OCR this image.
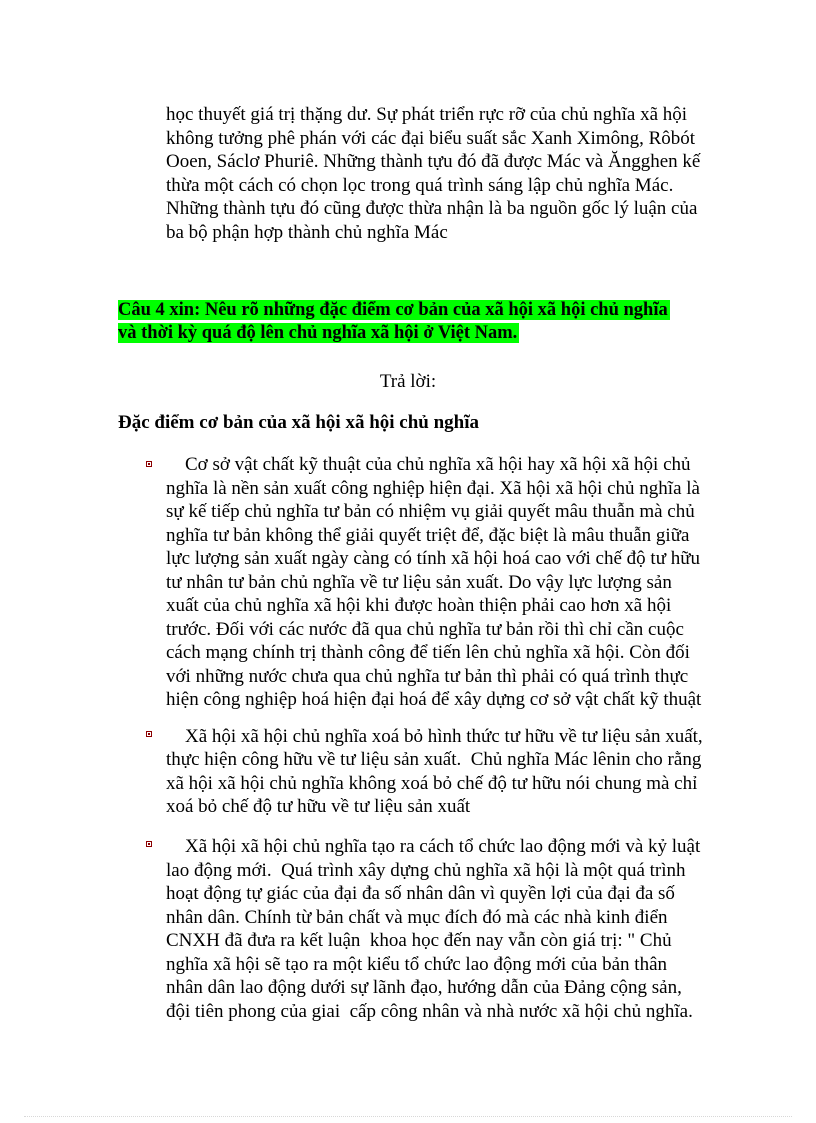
học thuyết giá trị thặng dư. Sự phát triển rực rỡ của chủ nghĩa xã hội
không tưởng phê phán với các đại biểu suất sắc Xanh Ximông, Rôbót
Ooen, Sáclơ Phuriê. Những thành tựu đó đã được Mác và Ăngghen kế
thừa một cách có chọn lọc trong quá trình sáng lập chủ nghĩa Mác.
Những thành tựu đó cũng được thừa nhận là ba nguồn gốc lý luận của
ba bộ phận hợp thành chủ nghĩa Mác
Câu 4 xin: Nêu rõ những đặc điểm cơ bản của xã hội xã hội chủ nghĩa
và thời kỳ quá độ lên chủ nghĩa xã hội ở Việt Nam.
Trả lời:
Đặc điểm cơ bản của xã hội xã hội chủ nghĩa
Cơ sở vật chất kỹ thuật của chủ nghĩa xã hội hay xã hội xã hội chủ
nghĩa là nền sản xuất công nghiệp hiện đại. Xã hội xã hội chủ nghĩa là
sự kế tiếp chủ nghĩa tư bản có nhiệm vụ giải quyết mâu thuẫn mà chủ
nghĩa tư bản không thể giải quyết triệt để, đặc biệt là mâu thuẫn giữa
lực lượng sản xuất ngày càng có tính xã hội hoá cao với chế độ tư hữu
tư nhân tư bản chủ nghĩa về tư liệu sản xuất. Do vậy lực lượng sản
xuất của chủ nghĩa xã hội khi được hoàn thiện phải cao hơn xã hội
trước. Đối với các nước đã qua chủ nghĩa tư bản rồi thì chỉ cần cuộc
cách mạng chính trị thành công để tiến lên chủ nghĩa xã hội. Còn đối
với những nước chưa qua chủ nghĩa tư bản thì phải có quá trình thực
hiện công nghiệp hoá hiện đại hoá để xây dựng cơ sở vật chất kỹ thuật
Xã hội xã hội chủ nghĩa xoá bỏ hình thức tư hữu về tư liệu sản xuất,
thực hiện công hữu về tư liệu sản xuất.  Chủ nghĩa Mác lênin cho rằng
xã hội xã hội chủ nghĩa không xoá bỏ chế độ tư hữu nói chung mà chỉ
xoá bỏ chế độ tư hữu về tư liệu sản xuất
Xã hội xã hội chủ nghĩa tạo ra cách tổ chức lao động mới và kỷ luật
lao động mới.  Quá trình xây dựng chủ nghĩa xã hội là một quá trình
hoạt động tự giác của đại đa số nhân dân vì quyền lợi của đại đa số
nhân dân. Chính từ bản chất và mục đích đó mà các nhà kinh điển
CNXH đã đưa ra kết luận  khoa học đến nay vẫn còn giá trị: " Chủ
nghĩa xã hội sẽ tạo ra một kiểu tổ chức lao động mới của bản thân
nhân dân lao động dưới sự lãnh đạo, hướng dẫn của Đảng cộng sản,
đội tiên phong của giai  cấp công nhân và nhà nước xã hội chủ nghĩa.
